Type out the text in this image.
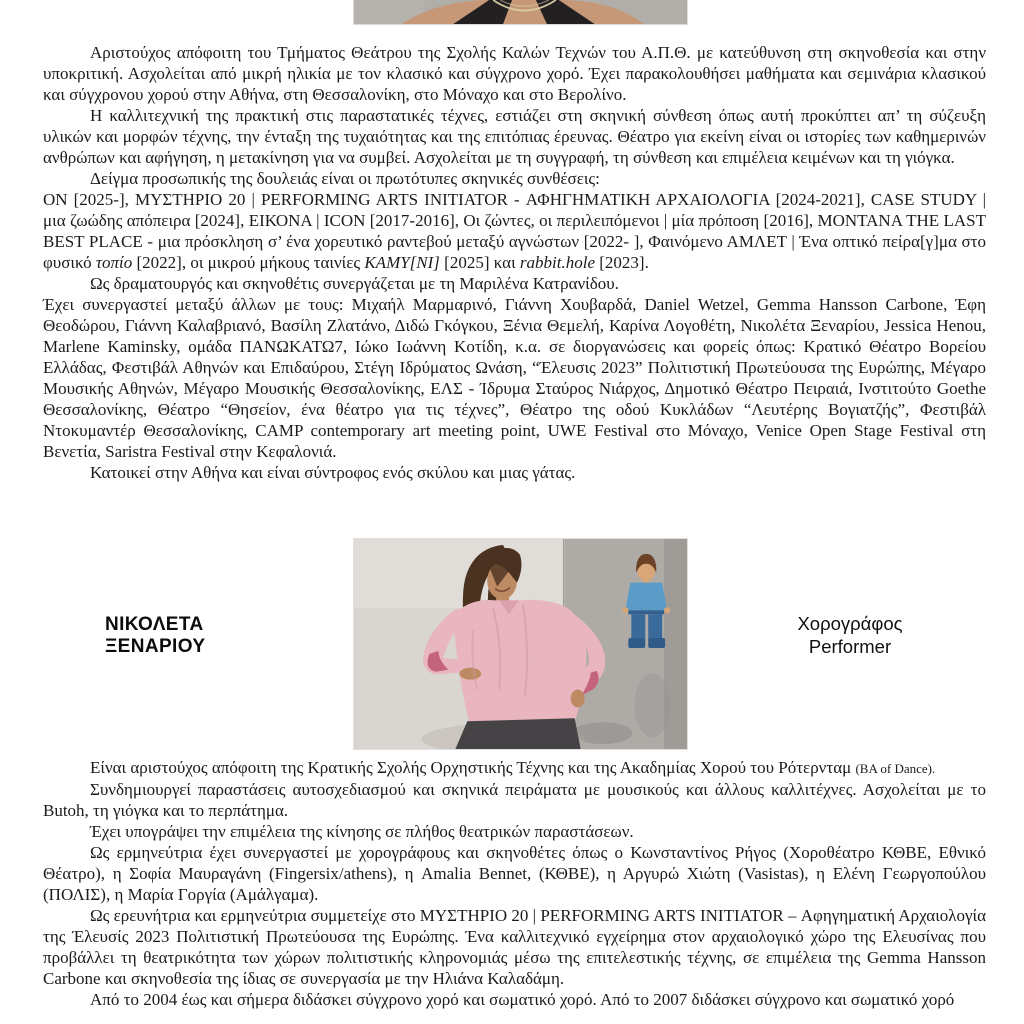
Αριστούχος απόφοιτη του Τμήματος Θεάτρου της Σχολής Καλών Τεχνών του Α.Π.Θ. με κατεύθυνση στη σκηνοθεσία και στην υποκριτική. Ασχολείται από μικρή ηλικία με τον κλασικό και σύγχρονο χορό. Έχει παρακολουθήσει μαθήματα και σεμινάρια κλασικού και σύγχρονου χορού στην Αθήνα, στη Θεσσαλονίκη, στο Μόναχο και στο Βερολίνο.

Η καλλιτεχνική της πρακτική στις παραστατικές τέχνες, εστιάζει στη σκηνική σύνθεση όπως αυτή προκύπτει απ’ τη σύζευξη υλικών και μορφών τέχνης, την ένταξη της τυχαιότητας και της επιτόπιας έρευνας. Θέατρο για εκείνη είναι οι ιστορίες των καθημερινών ανθρώπων και αφήγηση, η μετακίνηση για να συμβεί. Ασχολείται με τη συγγραφή, τη σύνθεση και επιμέλεια κειμένων και τη γιόγκα.

Δείγμα προσωπικής της δουλειάς είναι οι πρωτότυπες σκηνικές συνθέσεις:

ON [2025-], ΜΥΣΤΗΡΙΟ 20 | PERFORMING ARTS INITIATOR - ΑΦΗΓΗΜΑΤΙΚΗ ΑΡΧΑΙΟΛΟΓΙΑ [2024-2021], CASE STUDY | μια ζωώδης απόπειρα [2024], ΕΙΚΟΝΑ | ICON [2017-2016], Οι ζώντες, οι περιλειπόμενοι | μία πρόποση [2016], MONTANA THE LAST BEST PLACE - μια πρόσκληση σ’ ένα χορευτικό ραντεβού μεταξύ αγνώστων [2022- ], Φαινόμενο ΑΜΛΕΤ | Ένα οπτικό πείρα[γ]μα στο φυσικό τοπίο [2022], οι μικρού μήκους ταινίες ΚΑΜΥ[ΝΙ] [2025] και rabbit.hole [2023].

Ως δραματουργός και σκηνοθέτις συνεργάζεται με τη Μαριλένα Κατρανίδου.

Έχει συνεργαστεί μεταξύ άλλων με τους: Μιχαήλ Μαρμαρινό, Γιάννη Χουβαρδά, Daniel Wetzel, Gemma Hansson Carbone, Έφη Θεοδώρου, Γιάννη Καλαβριανό, Βασίλη Ζλατάνο, Διδώ Γκόγκου, Ξένια Θεμελή, Καρίνα Λογοθέτη, Νικολέτα Ξεναρίου, Jessica Henou, Marlene Kaminsky, ομάδα ΠΑΝΩΚΑΤΩ7, Ιώκο Ιωάννη Κοτίδη, κ.α. σε διοργανώσεις και φορείς όπως: Κρατικό Θέατρο Βορείου Ελλάδας, Φεστιβάλ Αθηνών και Επιδαύρου, Στέγη Ιδρύματος Ωνάση, “Έλευσις 2023” Πολιτιστική Πρωτεύουσα της Ευρώπης, Μέγαρο Μουσικής Αθηνών, Μέγαρο Μουσικής Θεσσαλονίκης, ΕΛΣ - Ίδρυμα Σταύρος Νιάρχος, Δημοτικό Θέατρο Πειραιά, Ινστιτούτο Goethe Θεσσαλονίκης, Θέατρο “Θησείον, ένα θέατρο για τις τέχνες”, Θέατρο της οδού Κυκλάδων “Λευτέρης Βογιατζής”, Φεστιβάλ Ντοκυμαντέρ Θεσσαλονίκης, CAMP contemporary art meeting point, UWE Festival στο Μόναχο, Venice Open Stage Festival στη Βενετία, Saristra Festival στην Κεφαλονιά.

Κατοικεί στην Αθήνα και είναι σύντροφος ενός σκύλου και μιας γάτας.

ΝΙΚΟΛΕΤΑ
ΞΕΝΑΡΙΟΥ
Χορογράφος
Performer

Είναι αριστούχος απόφοιτη της Κρατικής Σχολής Ορχηστικής Τέχνης και της Ακαδημίας Χορού του Ρότερνταμ (BA of Dance).

Συνδημιουργεί παραστάσεις αυτοσχεδιασμού και σκηνικά πειράματα με μουσικούς και άλλους καλλιτέχνες. Ασχολείται με το Butoh, τη γιόγκα και το περπάτημα.

Έχει υπογράψει την επιμέλεια της κίνησης σε πλήθος θεατρικών παραστάσεων.

Ως ερμηνεύτρια έχει συνεργαστεί με χορογράφους και σκηνοθέτες όπως ο Κωνσταντίνος Ρήγος (Χοροθέατρο ΚΘΒΕ, Εθνικό Θέατρο), η Σοφία Μαυραγάνη (Fingersix/athens), η Amalia Bennet, (ΚΘΒΕ), η Αργυρώ Χιώτη (Vasistas), η Ελένη Γεωργοπούλου (ΠΟΛΙΣ), η Μαρία Γοργία (Αμάλγαμα).

Ως ερευνήτρια και ερμηνεύτρια συμμετείχε στο ΜΥΣΤΗΡΙΟ 20 | PERFORMING ARTS INITIATOR – Αφηγηματική Αρχαιολογία της Έλευσίς 2023 Πολιτιστική Πρωτεύουσα της Ευρώπης. Ένα καλλιτεχνικό εγχείρημα στον αρχαιολογικό χώρο της Ελευσίνας που προβάλλει τη θεατρικότητα των χώρων πολιτιστικής κληρονομιάς μέσω της επιτελεστικής τέχνης, σε επιμέλεια της Gemma Hansson Carbone και σκηνοθεσία της ίδιας σε συνεργασία με την Ηλιάνα Καλαδάμη.

Από το 2004 έως και σήμερα διδάσκει σύγχρονο χορό και σωματικό χορό. Από το 2007 διδάσκει σύγχρονο και σωματικό χορό
